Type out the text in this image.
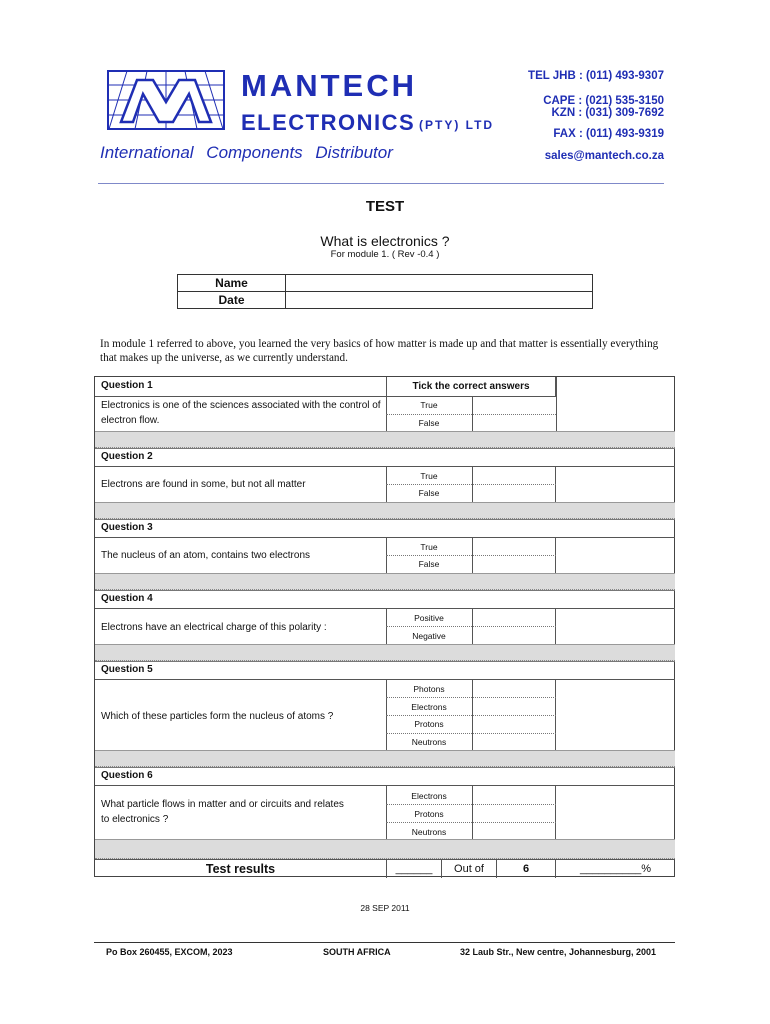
MANTECH
ELECTRONICS (PTY) LTD
International Components Distributor
TEL JHB : (011) 493-9307
CAPE : (021) 535-3150
KZN : (031) 309-7692
FAX : (011) 493-9319
sales@mantech.co.za
TEST
What is electronics ?
For module 1. ( Rev -0.4 )
Name	
Date	
In module 1 referred to above, you learned the very basics of how matter is made up and that matter is essentially everything that makes up the universe, as we currently understand.
Question 1	Tick the correct answers
Electronics is one of the sciences associated with the control of electron flow.
True
False
Question 2
Electrons are found in some, but not all matter
True
False
Question 3
The nucleus of an atom, contains two electrons
True
False
Question 4
Electrons have an electrical charge of this polarity :
Positive
Negative
Question 5
Which of these particles form the nucleus of atoms ?
Photons
Electrons
Protons
Neutrons
Question 6
What particle flows in matter and or circuits and relates to electronics ?
Electrons
Protons
Neutrons
Test results	______	Out of	6	__________%
28 SEP 2011
Po Box 260455, EXCOM, 2023	SOUTH AFRICA	32 Laub Str., New centre, Johannesburg, 2001
